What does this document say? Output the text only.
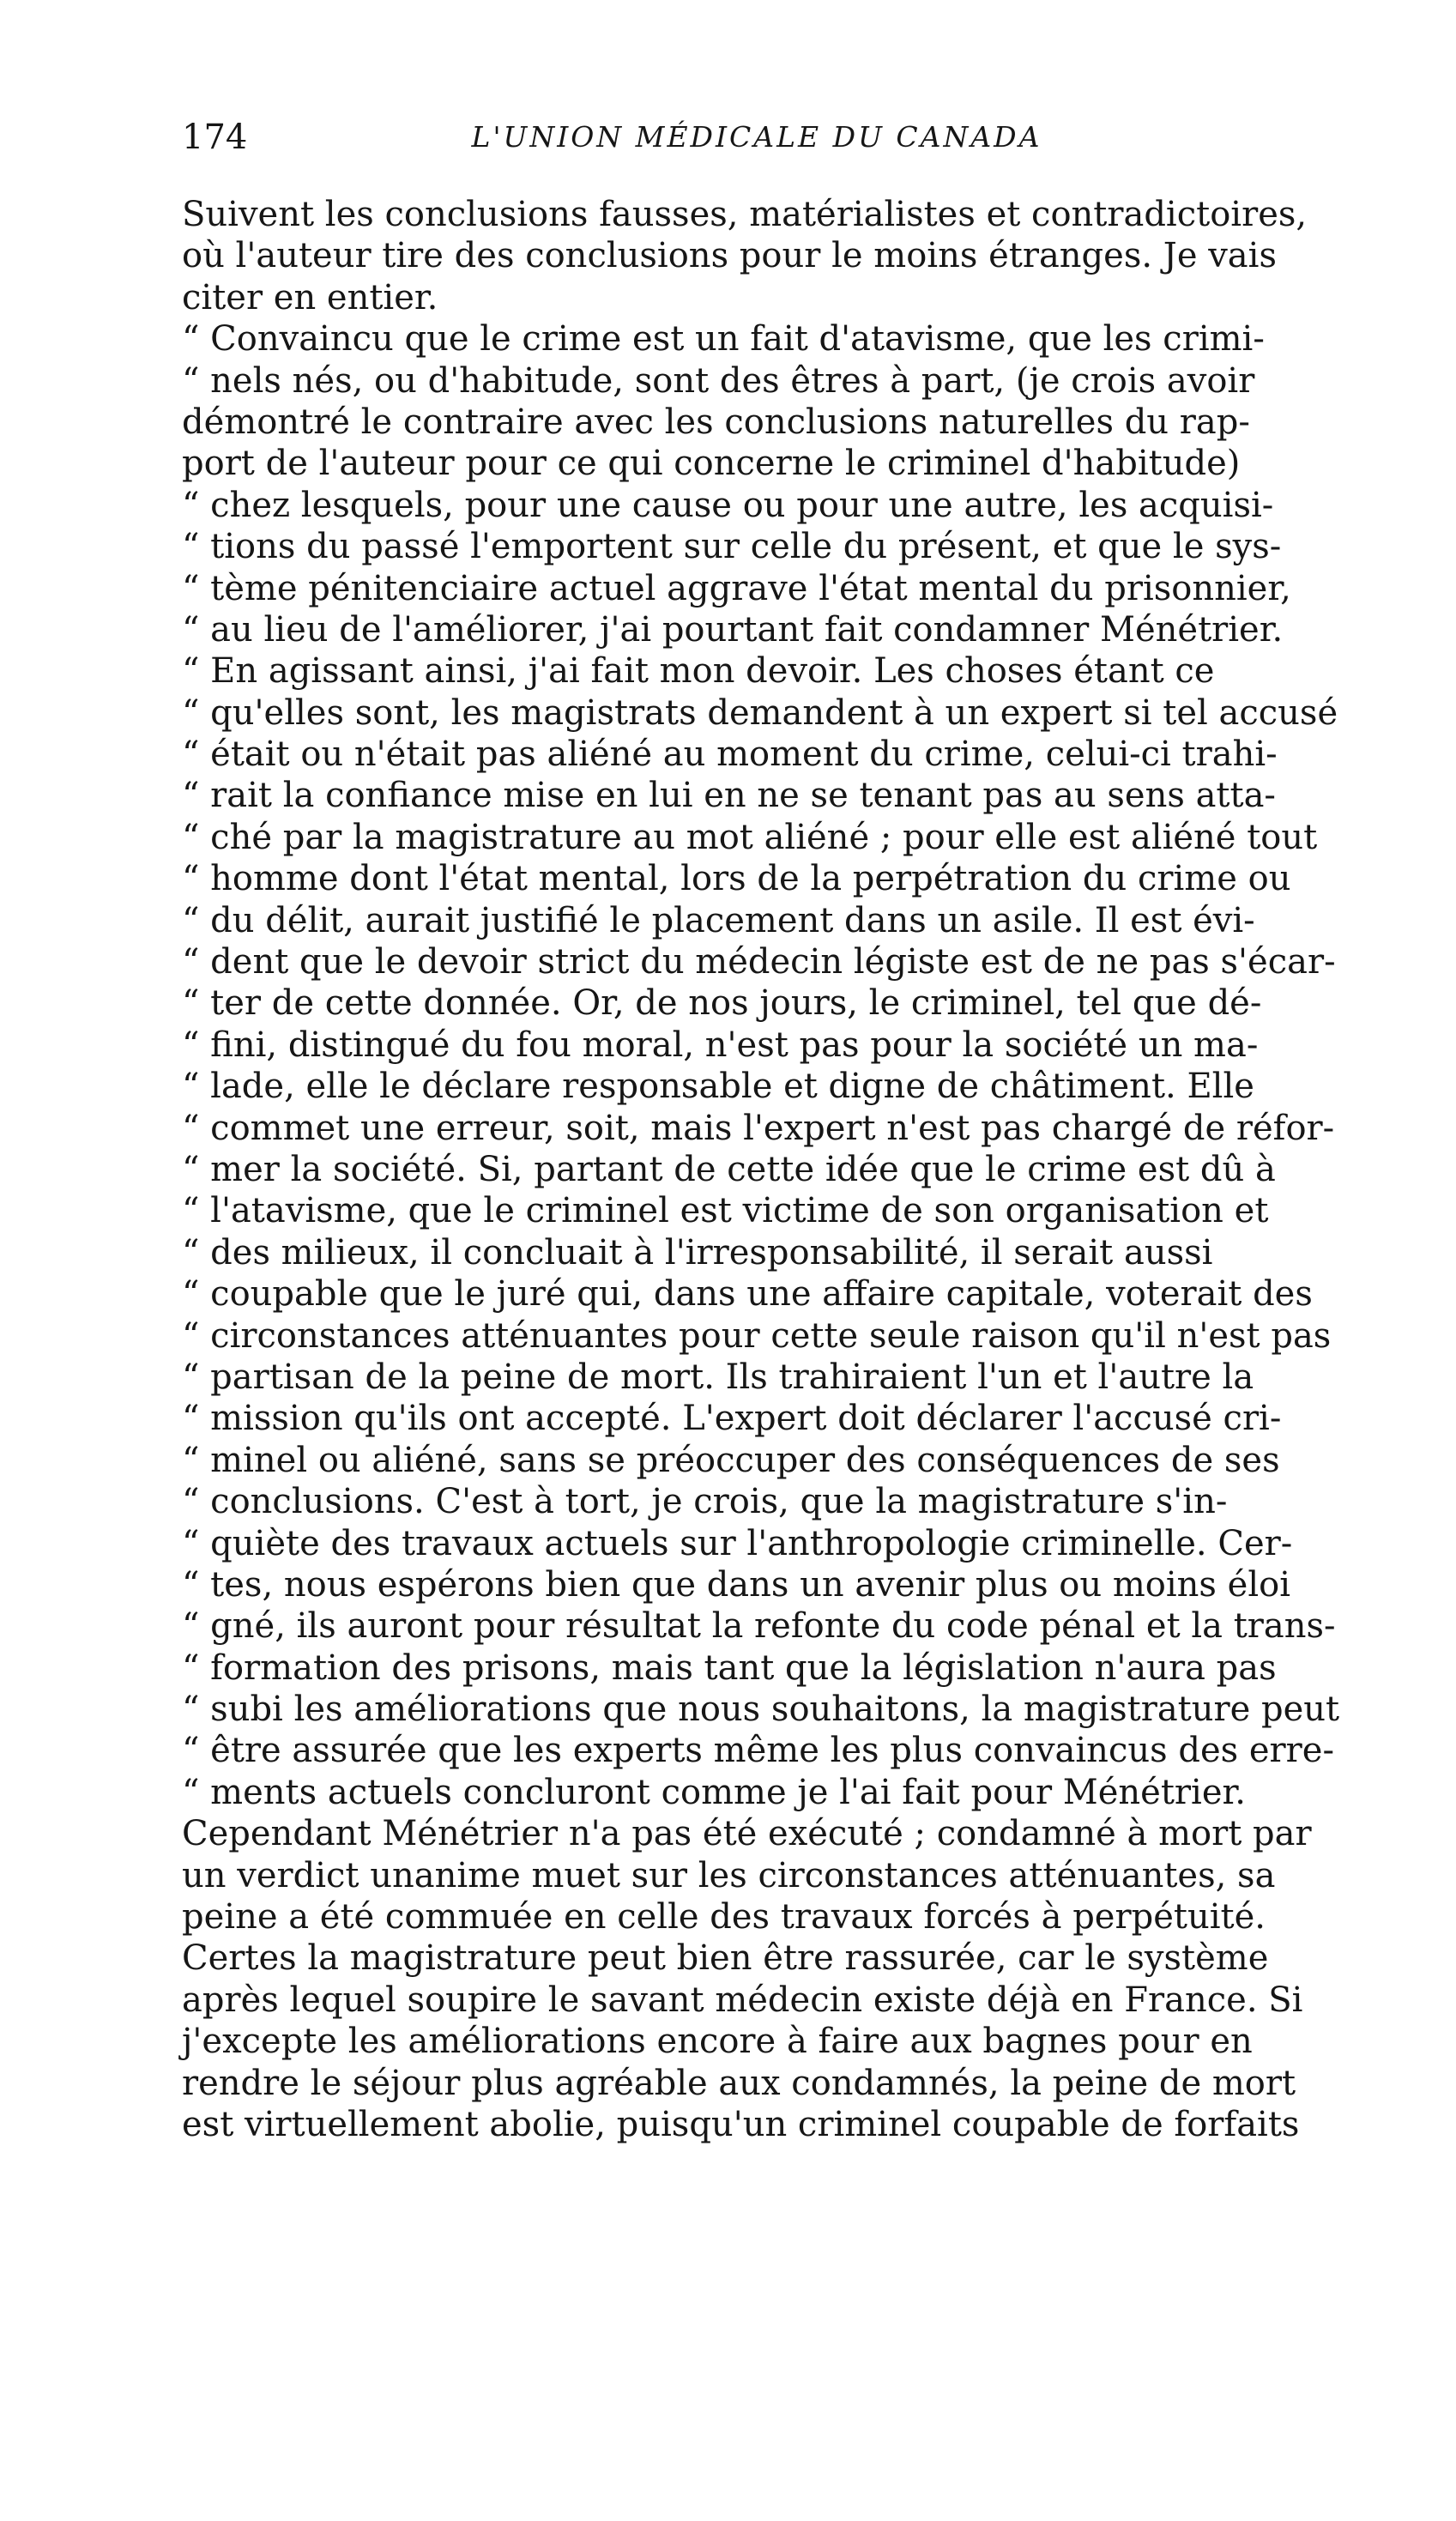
174	L'UNION MÉDICALE DU CANADA
Suivent les conclusions fausses, matérialistes et contradictoires,
où l'auteur tire des conclusions pour le moins étranges. Je vais
citer en entier.
“ Convaincu que le crime est un fait d'atavisme, que les crimi-
“ nels nés, ou d'habitude, sont des êtres à part, (je crois avoir
démontré le contraire avec les conclusions naturelles du rap-
port de l'auteur pour ce qui concerne le criminel d'habitude)
“ chez lesquels, pour une cause ou pour une autre, les acquisi-
“ tions du passé l'emportent sur celle du présent, et que le sys-
“ tème pénitenciaire actuel aggrave l'état mental du prisonnier,
“ au lieu de l'améliorer, j'ai pourtant fait condamner Ménétrier.
“ En agissant ainsi, j'ai fait mon devoir. Les choses étant ce
“ qu'elles sont, les magistrats demandent à un expert si tel accusé
“ était ou n'était pas aliéné au moment du crime, celui-ci trahi-
“ rait la confiance mise en lui en ne se tenant pas au sens atta-
“ ché par la magistrature au mot aliéné ; pour elle est aliéné tout
“ homme dont l'état mental, lors de la perpétration du crime ou
“ du délit, aurait justifié le placement dans un asile. Il est évi-
“ dent que le devoir strict du médecin légiste est de ne pas s'écar-
“ ter de cette donnée. Or, de nos jours, le criminel, tel que dé-
“ fini, distingué du fou moral, n'est pas pour la société un ma-
“ lade, elle le déclare responsable et digne de châtiment. Elle
“ commet une erreur, soit, mais l'expert n'est pas chargé de réfor-
“ mer la société. Si, partant de cette idée que le crime est dû à
“ l'atavisme, que le criminel est victime de son organisation et
“ des milieux, il concluait à l'irresponsabilité, il serait aussi
“ coupable que le juré qui, dans une affaire capitale, voterait des
“ circonstances atténuantes pour cette seule raison qu'il n'est pas
“ partisan de la peine de mort. Ils trahiraient l'un et l'autre la
“ mission qu'ils ont accepté. L'expert doit déclarer l'accusé cri-
“ minel ou aliéné, sans se préoccuper des conséquences de ses
“ conclusions. C'est à tort, je crois, que la magistrature s'in-
“ quiète des travaux actuels sur l'anthropologie criminelle. Cer-
“ tes, nous espérons bien que dans un avenir plus ou moins éloi
“ gné, ils auront pour résultat la refonte du code pénal et la trans-
“ formation des prisons, mais tant que la législation n'aura pas
“ subi les améliorations que nous souhaitons, la magistrature peut
“ être assurée que les experts même les plus convaincus des erre-
“ ments actuels concluront comme je l'ai fait pour Ménétrier.
Cependant Ménétrier n'a pas été exécuté ; condamné à mort par
un verdict unanime muet sur les circonstances atténuantes, sa
peine a été commuée en celle des travaux forcés à perpétuité.
Certes la magistrature peut bien être rassurée, car le système
après lequel soupire le savant médecin existe déjà en France. Si
j'excepte les améliorations encore à faire aux bagnes pour en
rendre le séjour plus agréable aux condamnés, la peine de mort
est virtuellement abolie, puisqu'un criminel coupable de forfaits
